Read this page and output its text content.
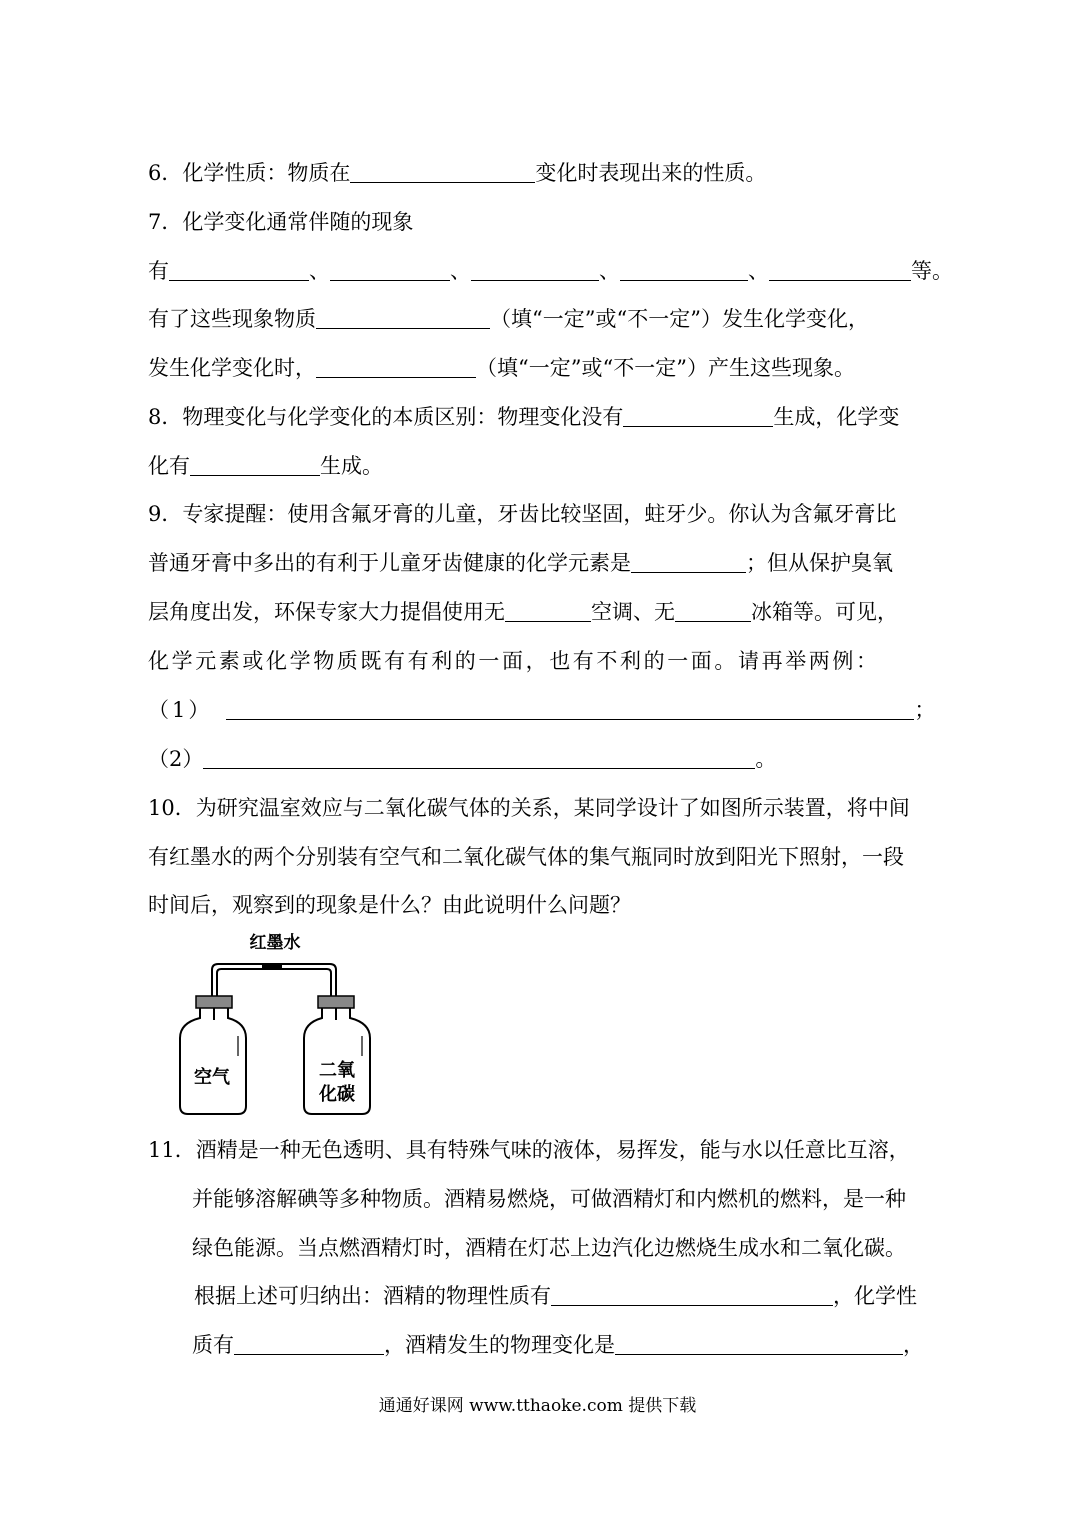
6．化学性质：物质在	变化时表现出来的性质。
7．化学变化通常伴随的现象
有	、	、	、	、	等。
有了这些现象物质	（填“一定”或“不一定”）发生化学变化，
发生化学变化时，	（填“一定”或“不一定”）产生这些现象。
8．物理变化与化学变化的本质区别：物理变化没有	生成，化学变
化有	生成。
9．专家提醒：使用含氟牙膏的儿童，牙齿比较坚固，蛀牙少。你认为含氟牙膏比
普通牙膏中多出的有利于儿童牙齿健康的化学元素是	；但从保护臭氧
层角度出发，环保专家大力提倡使用无	空调、无	冰箱等。可见，
化学元素或化学物质既有有利的一面，也有不利的一面。请再举两例：
（1）	；
（2）	。
10．为研究温室效应与二氧化碳气体的关系，某同学设计了如图所示装置，将中间
有红墨水的两个分别装有空气和二氧化碳气体的集气瓶同时放到阳光下照射，一段
时间后，观察到的现象是什么？由此说明什么问题？
红墨水
空气	二氧
化碳
11．酒精是一种无色透明、具有特殊气味的液体，易挥发，能与水以任意比互溶，
并能够溶解碘等多种物质。酒精易燃烧，可做酒精灯和内燃机的燃料，是一种
绿色能源。当点燃酒精灯时，酒精在灯芯上边汽化边燃烧生成水和二氧化碳。
根据上述可归纳出：酒精的物理性质有	，化学性
质有	，酒精发生的物理变化是	，
通通好课网 www.tthaoke.com 提供下载
